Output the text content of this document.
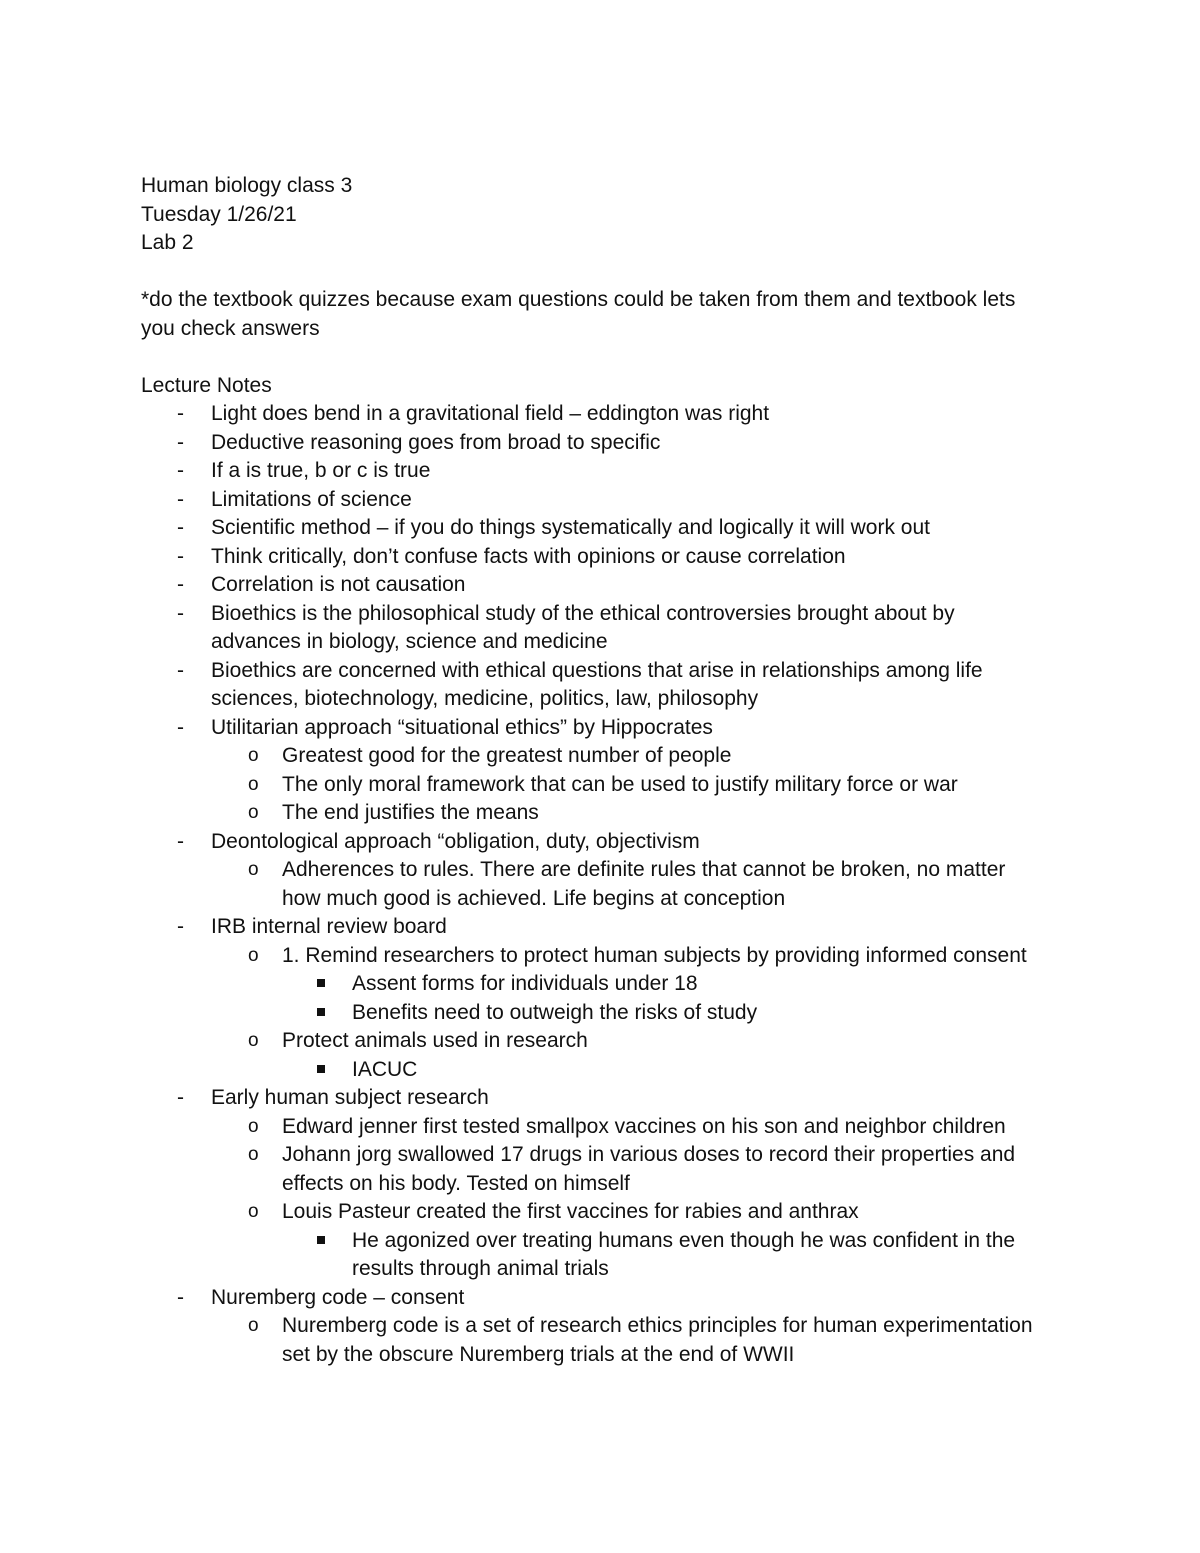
Human biology class 3
Tuesday 1/26/21
Lab 2
*do the textbook quizzes because exam questions could be taken from them and textbook lets
you check answers
Lecture Notes
- Light does bend in a gravitational field – eddington was right
- Deductive reasoning goes from broad to specific
- If a is true, b or c is true
- Limitations of science
- Scientific method – if you do things systematically and logically it will work out
- Think critically, don’t confuse facts with opinions or cause correlation
- Correlation is not causation
- Bioethics is the philosophical study of the ethical controversies brought about by
advances in biology, science and medicine
- Bioethics are concerned with ethical questions that arise in relationships among life
sciences, biotechnology, medicine, politics, law, philosophy
- Utilitarian approach “situational ethics” by Hippocrates
o Greatest good for the greatest number of people
o The only moral framework that can be used to justify military force or war
o The end justifies the means
- Deontological approach “obligation, duty, objectivism
o Adherences to rules. There are definite rules that cannot be broken, no matter
how much good is achieved. Life begins at conception
- IRB internal review board
o 1. Remind researchers to protect human subjects by providing informed consent
Assent forms for individuals under 18
Benefits need to outweigh the risks of study
o Protect animals used in research
IACUC
- Early human subject research
o Edward jenner first tested smallpox vaccines on his son and neighbor children
o Johann jorg swallowed 17 drugs in various doses to record their properties and
effects on his body. Tested on himself
o Louis Pasteur created the first vaccines for rabies and anthrax
He agonized over treating humans even though he was confident in the
results through animal trials
- Nuremberg code – consent
o Nuremberg code is a set of research ethics principles for human experimentation
set by the obscure Nuremberg trials at the end of WWII
